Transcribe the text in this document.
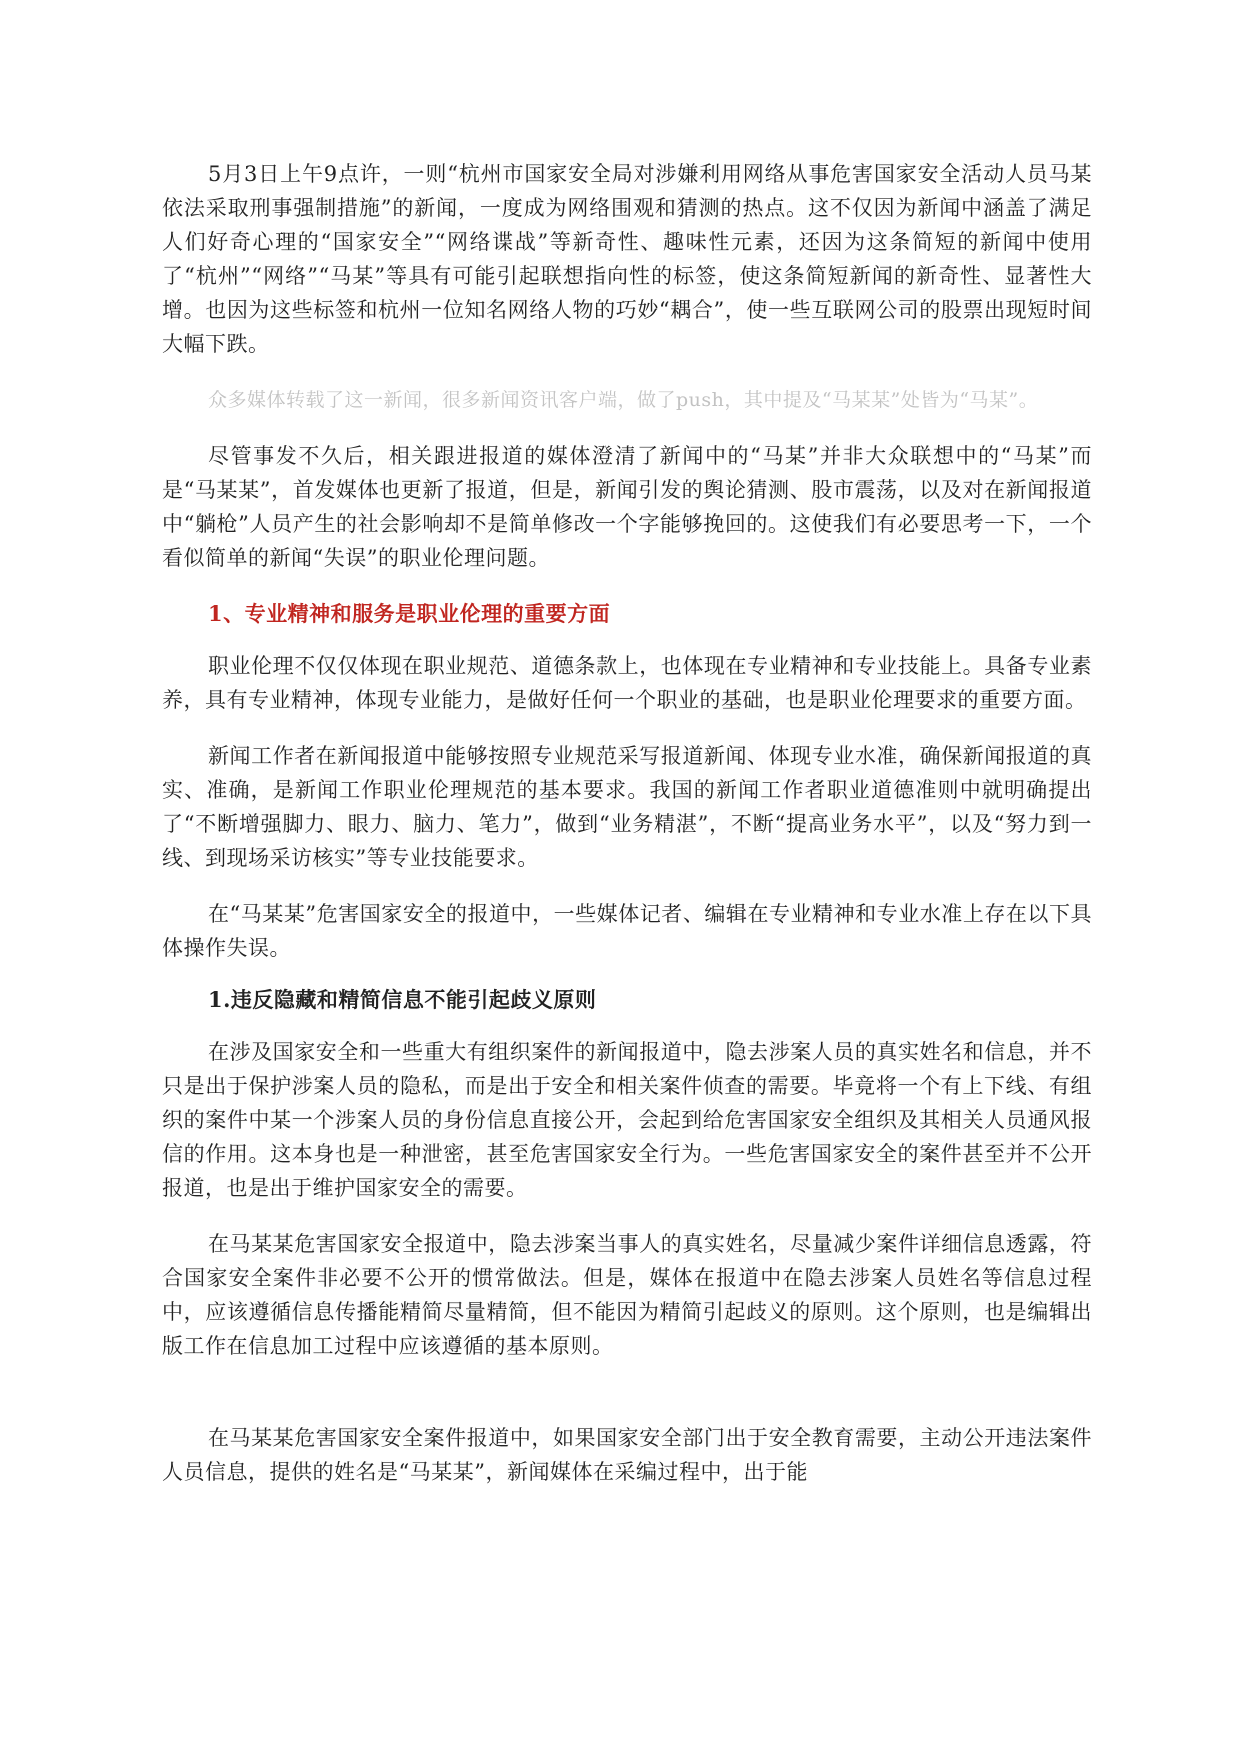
5月3日上午9点许，一则“杭州市国家安全局对涉嫌利用网络从事危害国家安全活动人员马某依法采取刑事强制措施”的新闻，一度成为网络围观和猜测的热点。这不仅因为新闻中涵盖了满足人们好奇心理的“国家安全”“网络谍战”等新奇性、趣味性元素，还因为这条简短的新闻中使用了“杭州”“网络”“马某”等具有可能引起联想指向性的标签，使这条简短新闻的新奇性、显著性大增。也因为这些标签和杭州一位知名网络人物的巧妙“耦合”，使一些互联网公司的股票出现短时间大幅下跌。

众多媒体转载了这一新闻，很多新闻资讯客户端，做了push，其中提及“马某某”处皆为“马某”。

尽管事发不久后，相关跟进报道的媒体澄清了新闻中的“马某”并非大众联想中的“马某”而是“马某某”，首发媒体也更新了报道，但是，新闻引发的舆论猜测、股市震荡，以及对在新闻报道中“躺枪”人员产生的社会影响却不是简单修改一个字能够挽回的。这使我们有必要思考一下，一个看似简单的新闻“失误”的职业伦理问题。

1、专业精神和服务是职业伦理的重要方面

职业伦理不仅仅体现在职业规范、道德条款上，也体现在专业精神和专业技能上。具备专业素养，具有专业精神，体现专业能力，是做好任何一个职业的基础，也是职业伦理要求的重要方面。

新闻工作者在新闻报道中能够按照专业规范采写报道新闻、体现专业水准，确保新闻报道的真实、准确，是新闻工作职业伦理规范的基本要求。我国的新闻工作者职业道德准则中就明确提出了“不断增强脚力、眼力、脑力、笔力”，做到“业务精湛”，不断“提高业务水平”，以及“努力到一线、到现场采访核实”等专业技能要求。

在“马某某”危害国家安全的报道中，一些媒体记者、编辑在专业精神和专业水准上存在以下具体操作失误。

1.违反隐藏和精简信息不能引起歧义原则

在涉及国家安全和一些重大有组织案件的新闻报道中，隐去涉案人员的真实姓名和信息，并不只是出于保护涉案人员的隐私，而是出于安全和相关案件侦查的需要。毕竟将一个有上下线、有组织的案件中某一个涉案人员的身份信息直接公开，会起到给危害国家安全组织及其相关人员通风报信的作用。这本身也是一种泄密，甚至危害国家安全行为。一些危害国家安全的案件甚至并不公开报道，也是出于维护国家安全的需要。

在马某某危害国家安全报道中，隐去涉案当事人的真实姓名，尽量减少案件详细信息透露，符合国家安全案件非必要不公开的惯常做法。但是，媒体在报道中在隐去涉案人员姓名等信息过程中，应该遵循信息传播能精简尽量精简，但不能因为精简引起歧义的原则。这个原则，也是编辑出版工作在信息加工过程中应该遵循的基本原则。

在马某某危害国家安全案件报道中，如果国家安全部门出于安全教育需要，主动公开违法案件人员信息，提供的姓名是“马某某”，新闻媒体在采编过程中，出于能
